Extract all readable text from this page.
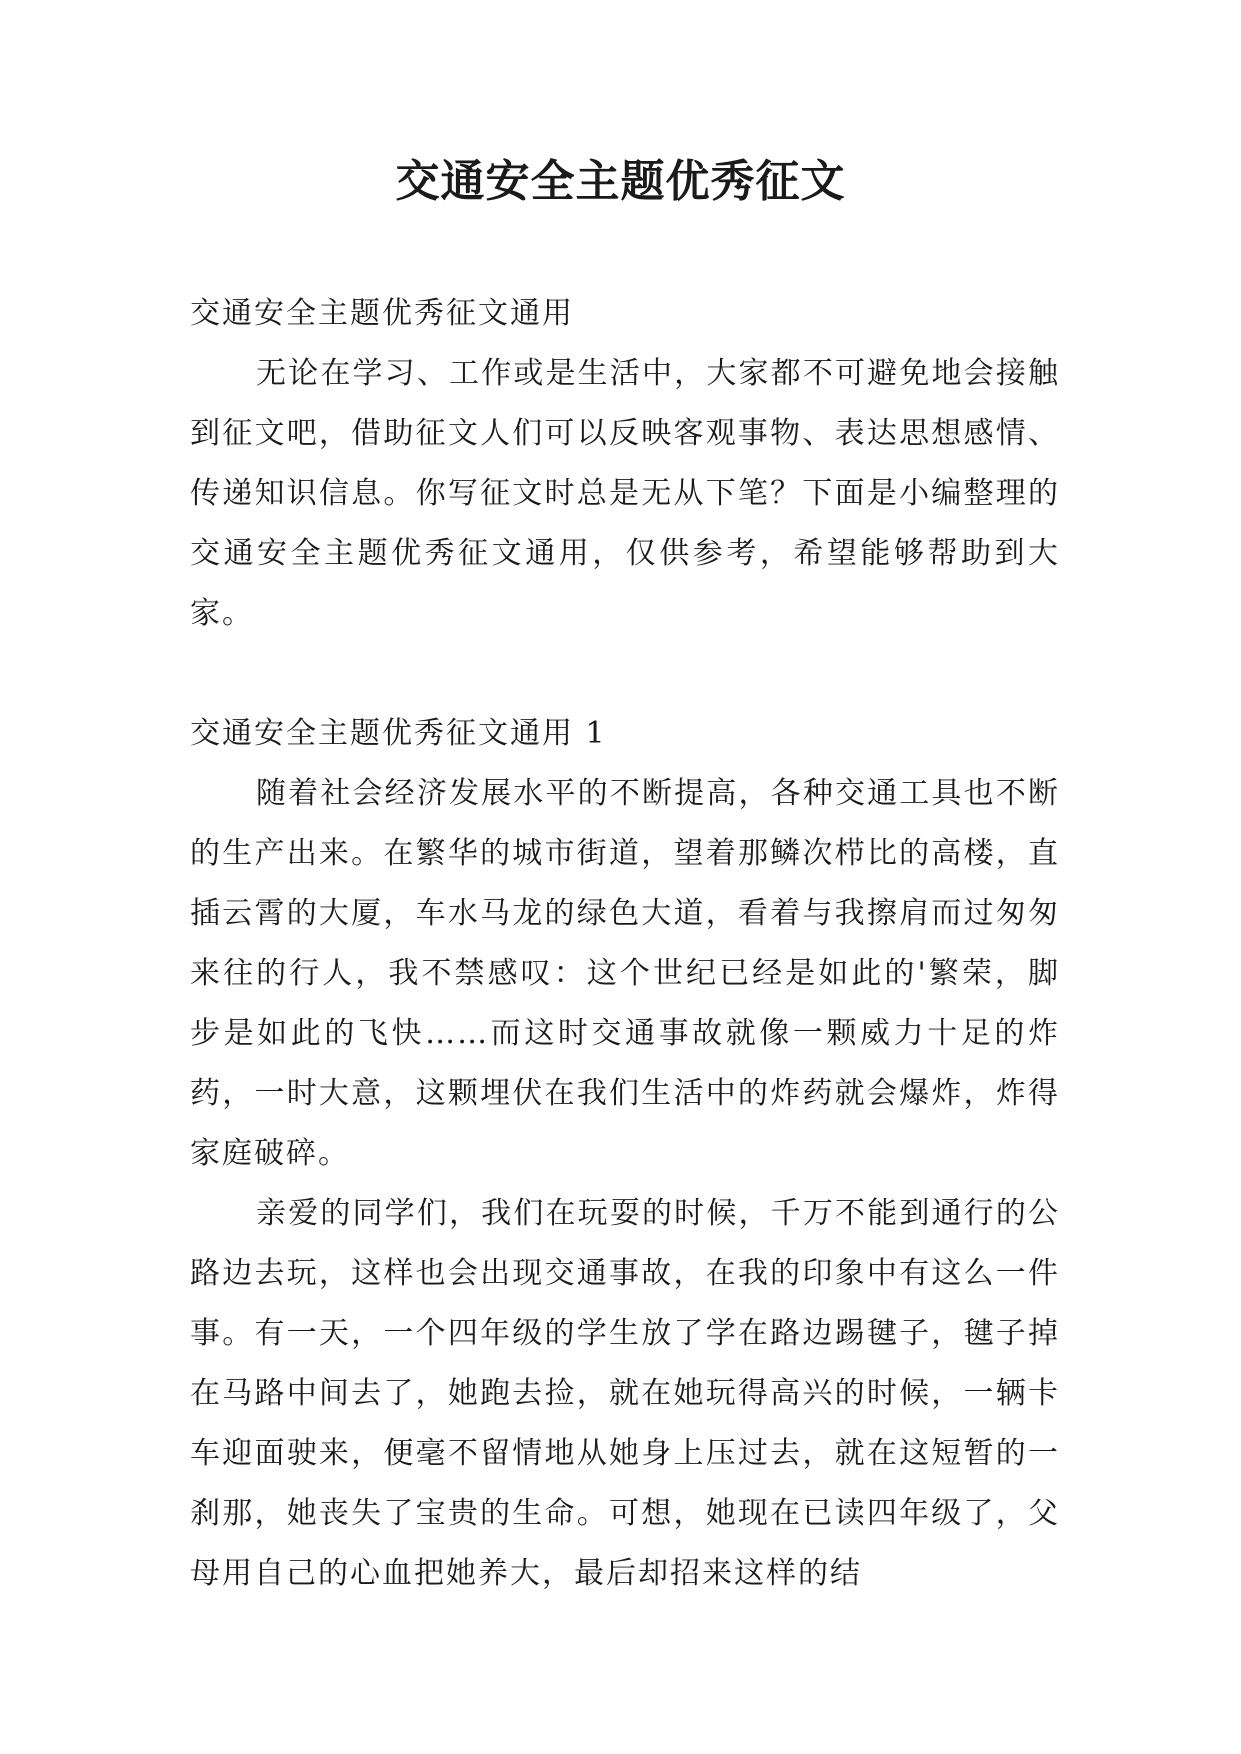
交通安全主题优秀征文

交通安全主题优秀征文通用

无论在学习、工作或是生活中，大家都不可避免地会接触到征文吧，借助征文人们可以反映客观事物、表达思想感情、传递知识信息。你写征文时总是无从下笔？下面是小编整理的交通安全主题优秀征文通用，仅供参考，希望能够帮助到大家。

交通安全主题优秀征文通用 1

随着社会经济发展水平的不断提高，各种交通工具也不断的生产出来。在繁华的城市街道，望着那鳞次栉比的高楼，直插云霄的大厦，车水马龙的绿色大道，看着与我擦肩而过匆匆来往的行人，我不禁感叹：这个世纪已经是如此的'繁荣，脚步是如此的飞快……而这时交通事故就像一颗威力十足的炸药，一时大意，这颗埋伏在我们生活中的炸药就会爆炸，炸得家庭破碎。

亲爱的同学们，我们在玩耍的时候，千万不能到通行的公路边去玩，这样也会出现交通事故，在我的印象中有这么一件事。有一天，一个四年级的学生放了学在路边踢毽子，毽子掉在马路中间去了，她跑去捡，就在她玩得高兴的时候，一辆卡车迎面驶来，便毫不留情地从她身上压过去，就在这短暂的一刹那，她丧失了宝贵的生命。可想，她现在已读四年级了，父母用自己的心血把她养大，最后却招来这样的结
